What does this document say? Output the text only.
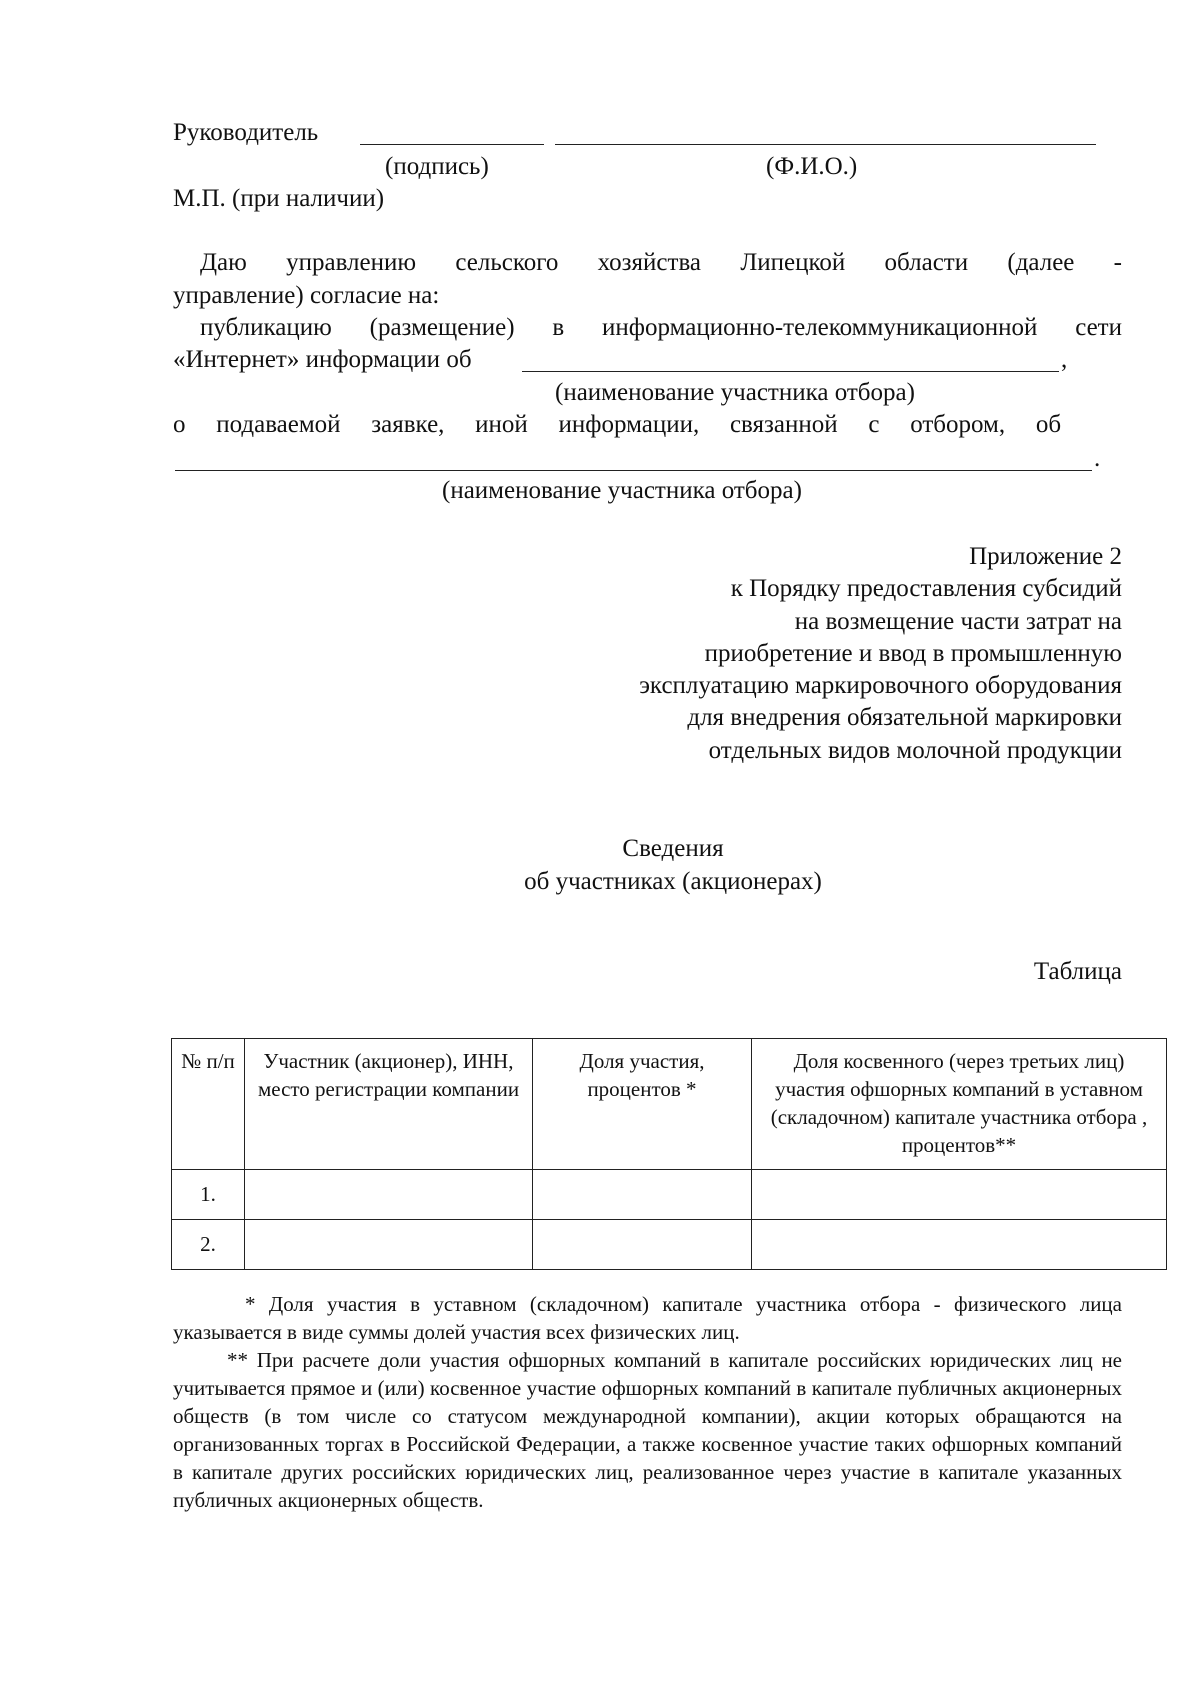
Руководитель
(подпись)	(Ф.И.О.)
М.П. (при наличии)
Даю управлению сельского хозяйства Липецкой области (далее -
управление) согласие на:
публикацию (размещение) в информационно-телекоммуникационной сети
«Интернет» информации об	,
(наименование участника отбора)
о подаваемой заявке, иной информации, связанной с отбором, об
.
(наименование участника отбора)
Приложение 2
к Порядку предоставления субсидий
на возмещение части затрат на
приобретение и ввод в промышленную
эксплуатацию маркировочного оборудования
для внедрения обязательной маркировки
отдельных видов молочной продукции
Сведения
об участниках (акционерах)
Таблица
№ п/п	Участник (акционер), ИНН, место регистрации компании	Доля участия, процентов *	Доля косвенного (через третьих лиц) участия офшорных компаний в уставном (складочном) капитале участника отбора , процентов**
1.			
2.			
* Доля участия в уставном (складочном) капитале участника отбора - физического лица указывается в виде суммы долей участия всех физических лиц.
** При расчете доли участия офшорных компаний в капитале российских юридических лиц не учитывается прямое и (или) косвенное участие офшорных компаний в капитале публичных акционерных обществ (в том числе со статусом международной компании), акции которых обращаются на организованных торгах в Российской Федерации, а также косвенное участие таких офшорных компаний в капитале других российских юридических лиц, реализованное через участие в капитале указанных публичных акционерных обществ.
